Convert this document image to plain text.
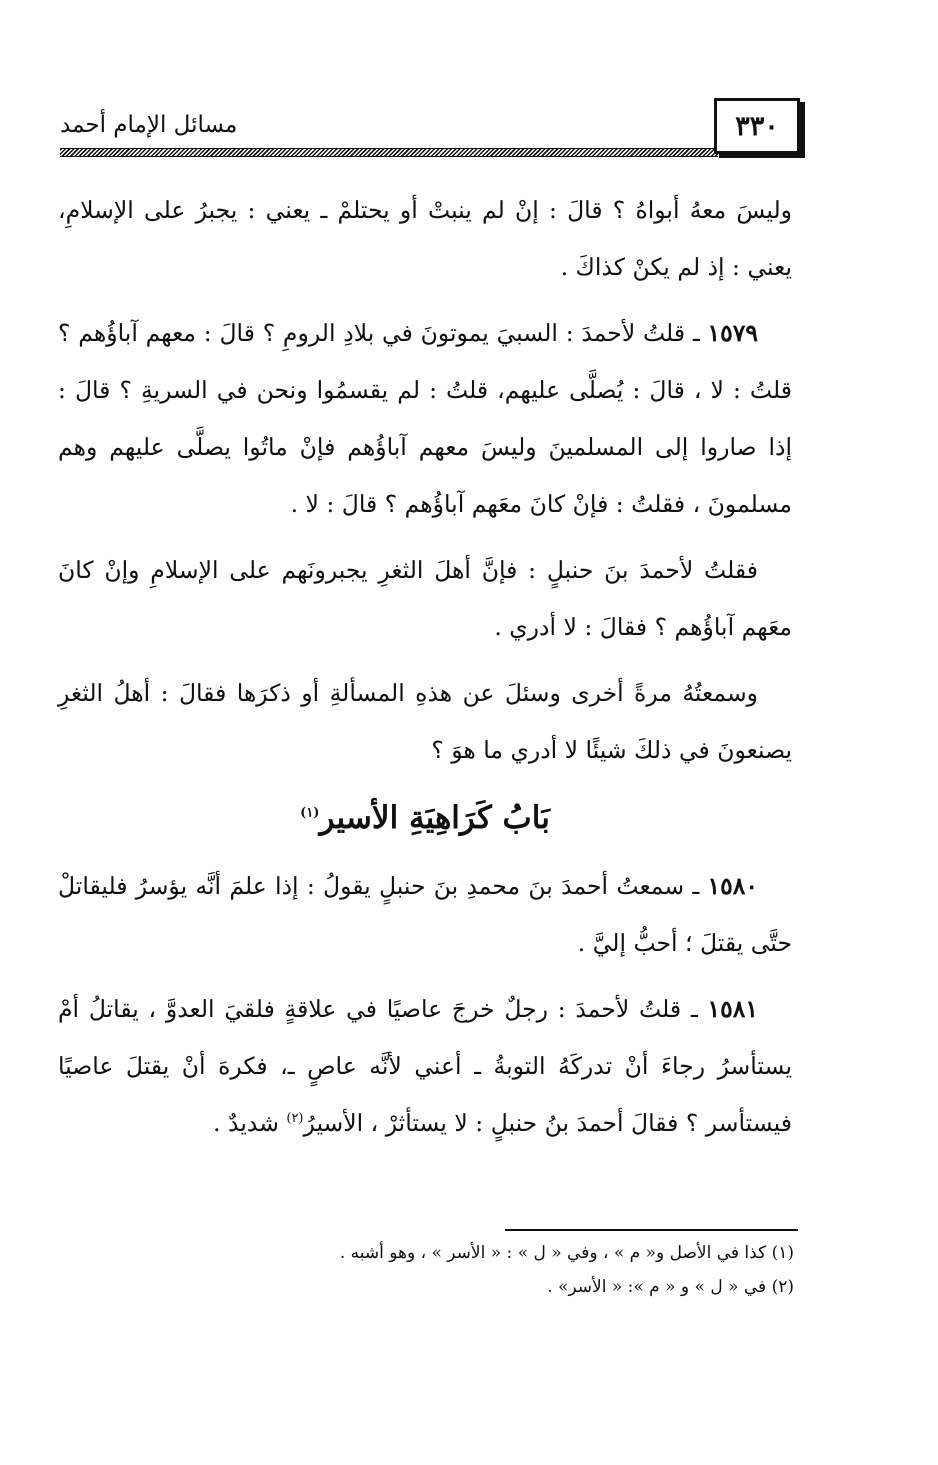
مسائل الإمام أحمد	٣٣٠

وليسَ معهُ أبواهُ ؟ قالَ : إنْ لم ينبتْ أو يحتلمْ ـ يعني : يجبرُ على الإسلامِ، يعني : إذ لم يكنْ كذاكَ .

١٥٧٩ ـ قلتُ لأحمدَ : السبيَ يموتونَ في بلادِ الرومِ ؟ قالَ : معهم آباؤُهم ؟ قلتُ : لا ، قالَ : يُصلَّى عليهم، قلتُ : لم يقسمُوا ونحن في السريةِ ؟ قالَ : إذا صاروا إلى المسلمينَ وليسَ معهم آباؤُهم فإنْ ماتُوا يصلَّى عليهم وهم مسلمونَ ، فقلتُ : فإنْ كانَ معَهم آباؤُهم ؟ قالَ : لا .

فقلتُ لأحمدَ بنَ حنبلٍ : فإنَّ أهلَ الثغرِ يجبرونَهم على الإسلامِ وإنْ كانَ معَهم آباؤُهم ؟ فقالَ : لا أدري .

وسمعتُهُ مرةً أخرى وسئلَ عن هذهِ المسألةِ أو ذكرَها فقالَ : أهلُ الثغرِ يصنعونَ في ذلكَ شيئًا لا أدري ما هوَ ؟

بَابُ كَرَاهِيَةِ الأسير$^{(١)}$

١٥٨٠ ـ سمعتُ أحمدَ بنَ محمدِ بنَ حنبلٍ يقولُ : إذا علمَ أنَّه يؤسرُ فليقاتلْ حتَّى يقتلَ ؛ أحبُّ إليَّ .

١٥٨١ ـ قلتُ لأحمدَ : رجلٌ خرجَ عاصيًا في علاقةٍ فلقيَ العدوَّ ، يقاتلُ أمْ يستأسرُ رجاءَ أنْ تدركَهُ التوبةُ ـ أعني لأنَّه عاصٍ ـ، فكرهَ أنْ يقتلَ عاصيًا فيستأسر ؟ فقالَ أحمدَ بنُ حنبلٍ : لا يستأثرْ ، الأسيرُ$^{(٢)}$ شديدٌ .

(١) كذا في الأصل و« م » ، وفي « ل » : « الأسر » ، وهو أشبه .

(٢) في « ل » و « م »: « الأسر» .
